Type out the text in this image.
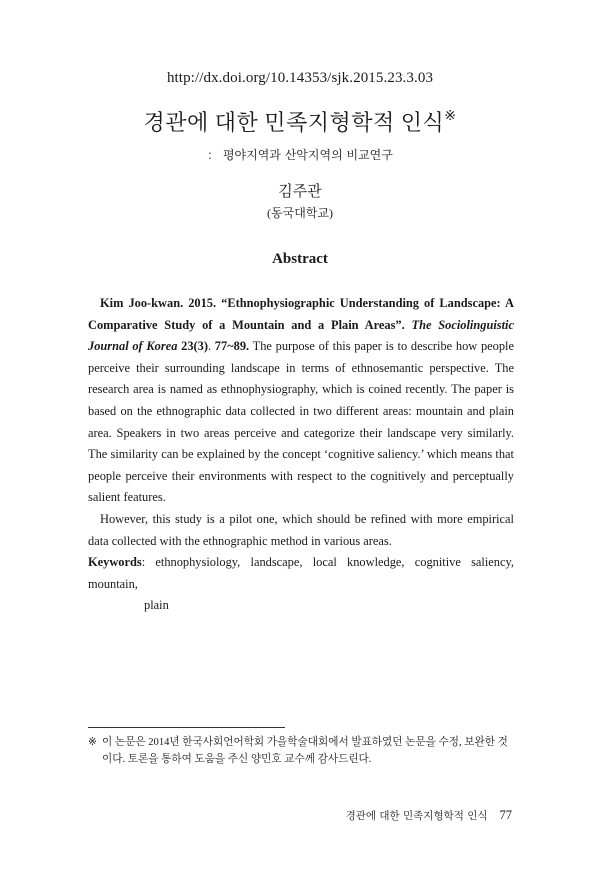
http://dx.doi.org/10.14353/sjk.2015.23.3.03
경관에 대한 민족지형학적 인식※
： 평야지역과 산악지역의 비교연구
김주관
(동국대학교)
Abstract

Kim Joo-kwan. 2015. “Ethnophysiographic Understanding of Landscape: A Comparative Study of a Mountain and a Plain Areas”. The Sociolinguistic Journal of Korea 23(3). 77~89. The purpose of this paper is to describe how people perceive their surrounding landscape in terms of ethnosemantic perspective. The research area is named as ethnophysiography, which is coined recently. The paper is based on the ethnographic data collected in two different areas: mountain and plain area. Speakers in two areas perceive and categorize their landscape very similarly. The similarity can be explained by the concept ‘cognitive saliency.’ which means that people perceive their environments with respect to the cognitively and perceptually salient features.

However, this study is a pilot one, which should be refined with more empirical data collected with the ethnographic method in various areas.

Keywords: ethnophysiology, landscape, local knowledge, cognitive saliency, mountain,

plain

※ 이 논문은 2014년 한국사회언어학회 가을학술대회에서 발표하였던 논문을 수정, 보완한 것이다. 토론을 통하여 도움을 주신 양민호 교수께 감사드린다.
경관에 대한 민족지형학적 인식 77
